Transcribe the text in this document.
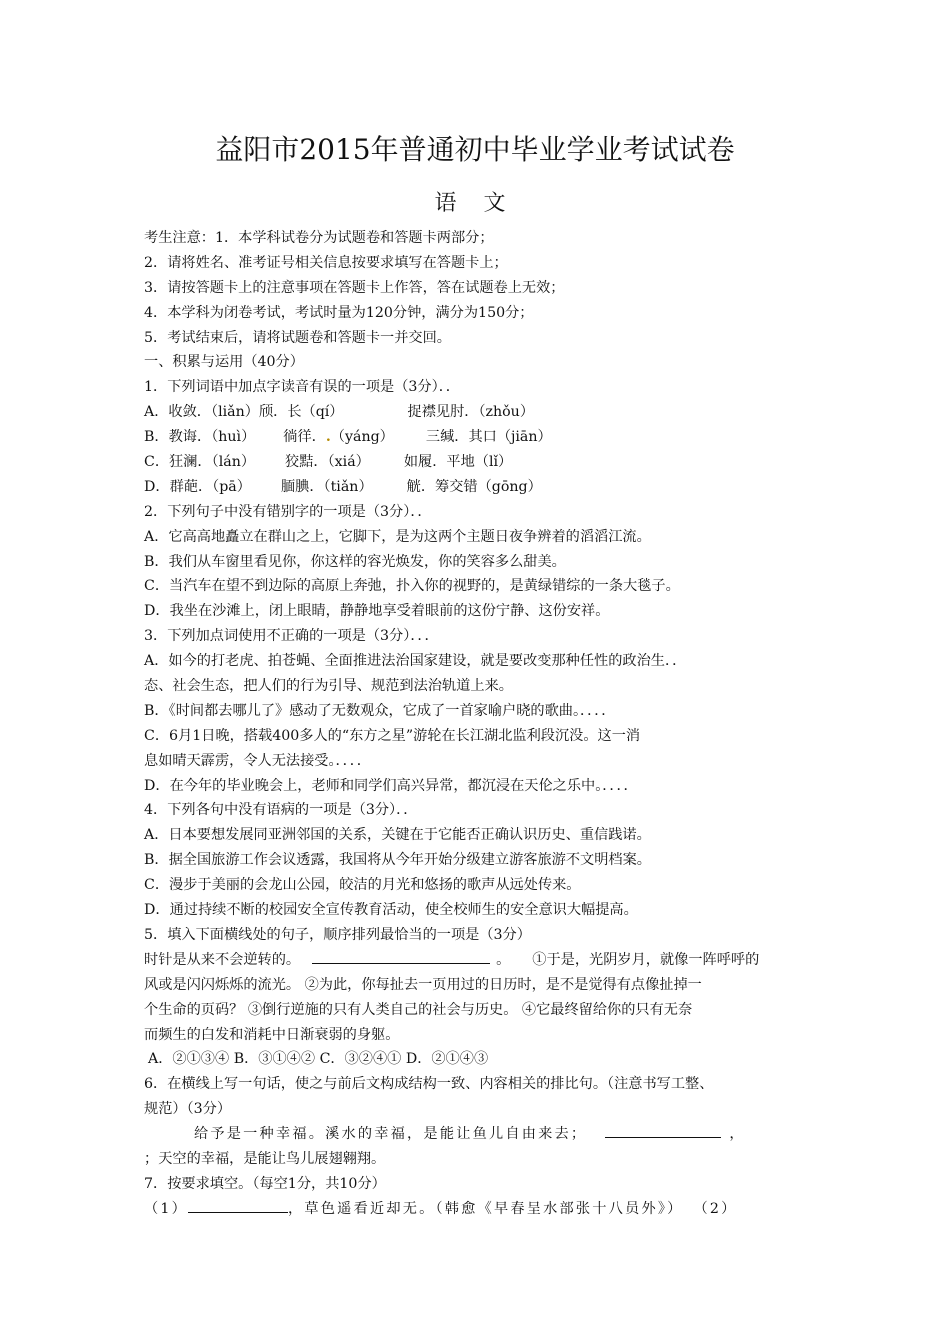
益阳市2015年普通初中毕业学业考试试卷
语 文
考生注意：1．本学科试卷分为试题卷和答题卡两部分；
2．请将姓名、准考证号相关信息按要求填写在答题卡上；
3．请按答题卡上的注意事项在答题卡上作答，答在试题卷上无效；
4．本学科为闭卷考试，考试时量为120分钟，满分为150分；
5．考试结束后，请将试题卷和答题卡一并交回。
一、积累与运用（40分）
1．下列词语中加点字读音有误的一项是（3分）．．
A．收敛．（liǎn）颀．长（qí）	捉襟见肘．（zhǒu）
B．教诲．（huì） 徜徉．.（yáng） 三缄．其口（jiān）
C．狂澜．（lán） 狡黠．（xiá） 如履．平地（lǐ）
D．群葩．（pā） 腼腆．（tiǎn） 觥．筹交错（gōng）
2．下列句子中没有错别字的一项是（3分）．．
A．它高高地矗立在群山之上，它脚下，是为这两个主题日夜争辨着的滔滔江流。
B．我们从车窗里看见你，你这样的容光焕发，你的笑容多么甜美。
C．当汽车在望不到边际的高原上奔弛，扑入你的视野的，是黄绿错综的一条大毯子。
D．我坐在沙滩上，闭上眼睛，静静地享受着眼前的这份宁静、这份安祥。
3．下列加点词使用不正确的一项是（3分）．．．
A．如今的打老虎、拍苍蝇、全面推进法治国家建设，就是要改变那种任性的政治生．．
态、社会生态，把人们的行为引导、规范到法治轨道上来。
B．《时间都去哪儿了》感动了无数观众，它成了一首家喻户晓的歌曲。．．．．
C．6月1日晚，搭载400多人的“东方之星”游轮在长江湖北监利段沉没。这一消
息如晴天霹雳，令人无法接受。．．．．
D．在今年的毕业晚会上，老师和同学们高兴异常，都沉浸在天伦之乐中。．．．．
4．下列各句中没有语病的一项是（3分）．．
A．日本要想发展同亚洲邻国的关系，关键在于它能否正确认识历史、重信践诺。
B．据全国旅游工作会议透露，我国将从今年开始分级建立游客旅游不文明档案。
C．漫步于美丽的会龙山公园，皎洁的月光和悠扬的歌声从远处传来。
D．通过持续不断的校园安全宣传教育活动，使全校师生的安全意识大幅提高。
5．填入下面横线处的句子，顺序排列最恰当的一项是（3分）
时针是从来不会逆转的。	。 ①于是，光阴岁月，就像一阵呼呼的
风或是闪闪烁烁的流光。 ②为此，你每扯去一页用过的日历时，是不是觉得有点像扯掉一
个生命的页码？ ③倒行逆施的只有人类自己的社会与历史。 ④它最终留给你的只有无奈
而频生的白发和消耗中日渐衰弱的身躯。
A．②①③④ B．③①④② C．③②④① D．②①④③
6．在横线上写一句话，使之与前后文构成结构一致、内容相关的排比句。（注意书写工整、
规范）（3分）
给予是一种幸福。溪水的幸福，是能让鱼儿自由来去；	，
；天空的幸福，是能让鸟儿展翅翱翔。
7．按要求填空。（每空1分，共10分）
（1）	，草色遥看近却无。（韩愈《早春呈水部张十八员外》） （2）
